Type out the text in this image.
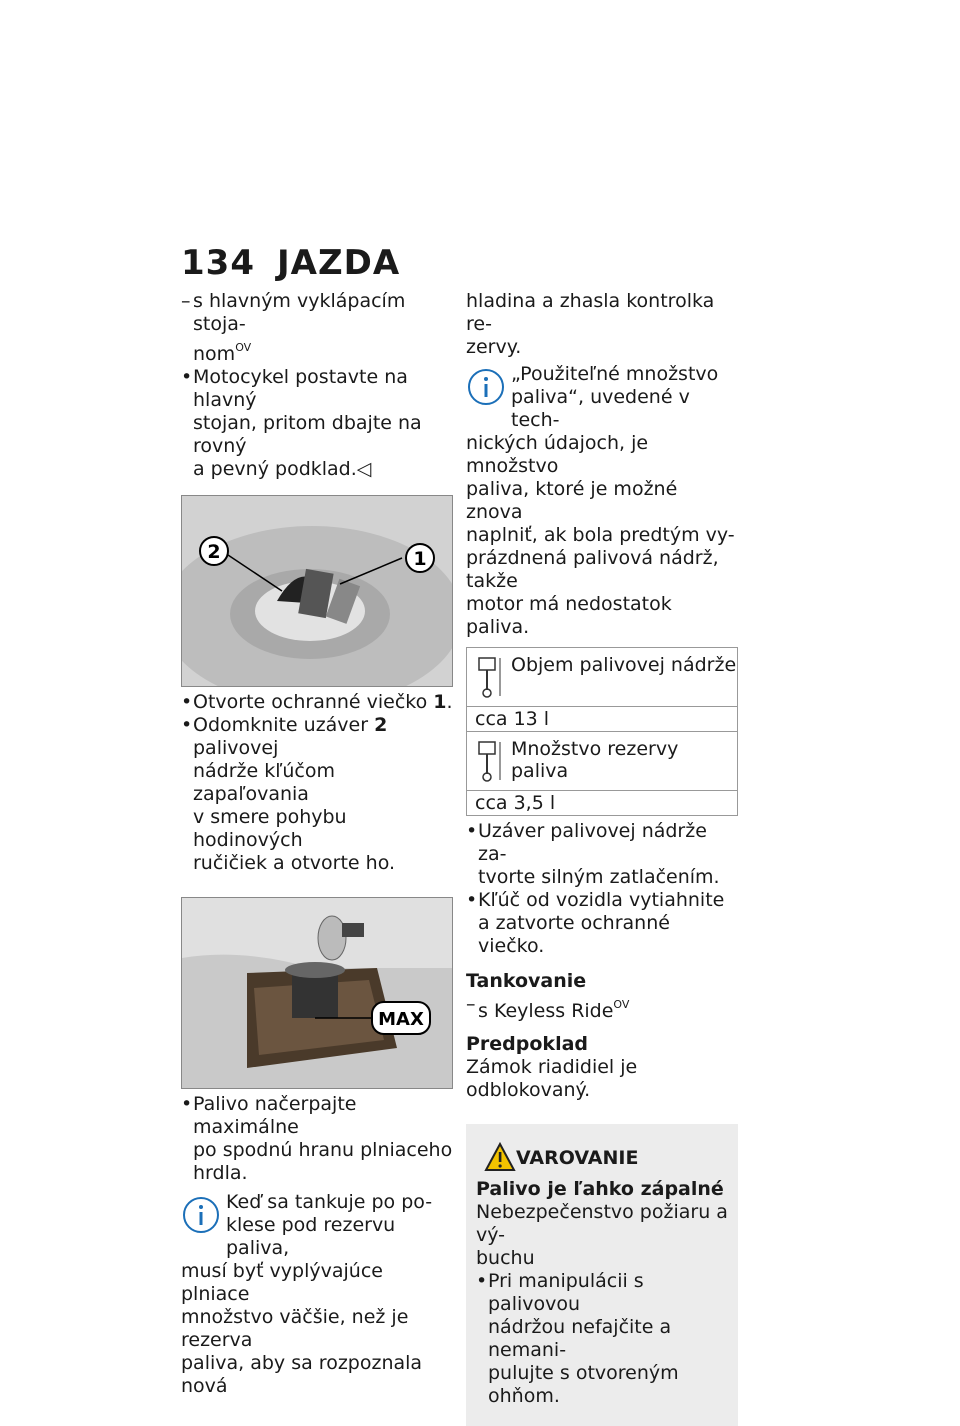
134 JAZDA

– s hlavným vyklápacím stoja-

nom$^{OV}$

• Motocykel postavte na hlavný

stojan, pritom dbajte na rovný

a pevný podklad.◁

2	1

• Otvorte ochranné viečko 1.

• Odomknite uzáver 2 palivovej

nádrže kľúčom zapaľovania

v smere pohybu hodinových

ručičiek a otvorte ho.

MAX

• Palivo načerpajte maximálne

po spodnú hranu plniaceho

hrdla.

Keď sa tankuje po po-

klese pod rezervu paliva,

musí byť vyplývajúce plniace

množstvo väčšie, než je rezerva

paliva, aby sa rozpoznala nová

hladina a zhasla kontrolka re-

zervy.

„Použiteľné množstvo

paliva“, uvedené v tech-

nických údajoch, je množstvo

paliva, ktoré je možné znova

naplniť, ak bola predtým vy-

prázdnená palivová nádrž, takže

motor má nedostatok paliva.

Objem palivovej nádrže
cca 13 l
Množstvo rezervy paliva
cca 3,5 l

• Uzáver palivovej nádrže za-

tvorte silným zatlačením.

• Kľúč od vozidla vytiahnite

a zatvorte ochranné viečko.

Tankovanie

– s Keyless Ride$^{OV}$

Predpoklad

Zámok riadidiel je odblokovaný.

VAROVANIE

Palivo je ľahko zápalné

Nebezpečenstvo požiaru a vý-

buchu

• Pri manipulácii s palivovou

nádržou nefajčite a nemani-

pulujte s otvoreným ohňom.
